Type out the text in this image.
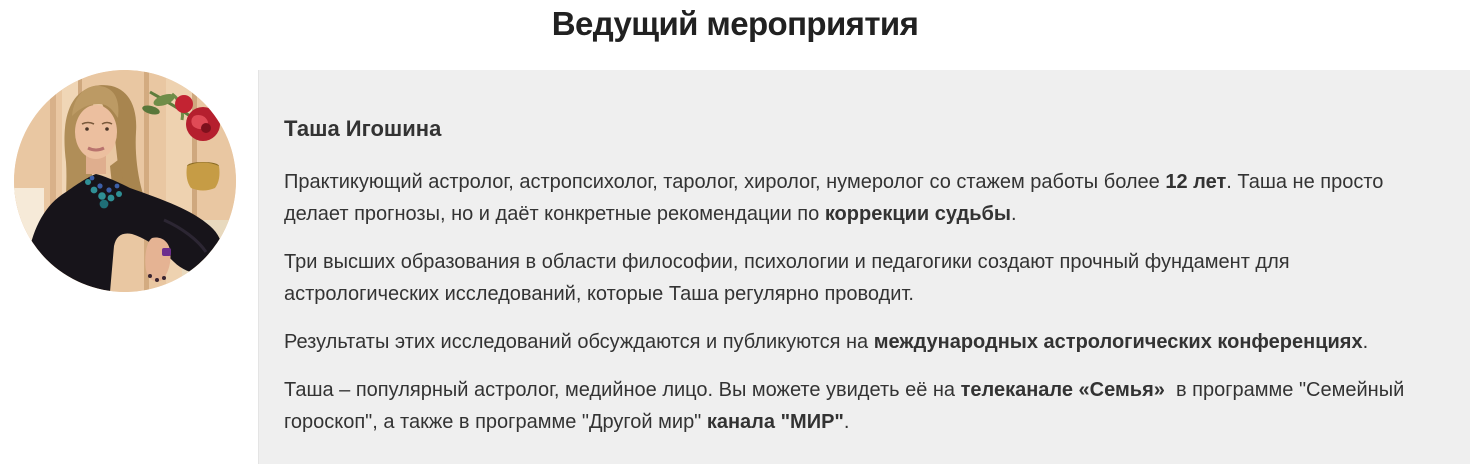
Ведущий мероприятия
Таша Игошина

Практикующий астролог, астропсихолог, таролог, хиролог, нумеролог со стажем работы более 12 лет. Таша не просто делает прогнозы, но и даёт конкретные рекомендации по коррекции судьбы.

Три высших образования в области философии, психологии и педагогики создают прочный фундамент для астрологических исследований, которые Таша регулярно проводит.

Результаты этих исследований обсуждаются и публикуются на международных астрологических конференциях.

Таша – популярный астролог, медийное лицо. Вы можете увидеть её на телеканале «Семья»  в программе "Семейный гороскоп", а также в программе "Другой мир" канала "МИР".
